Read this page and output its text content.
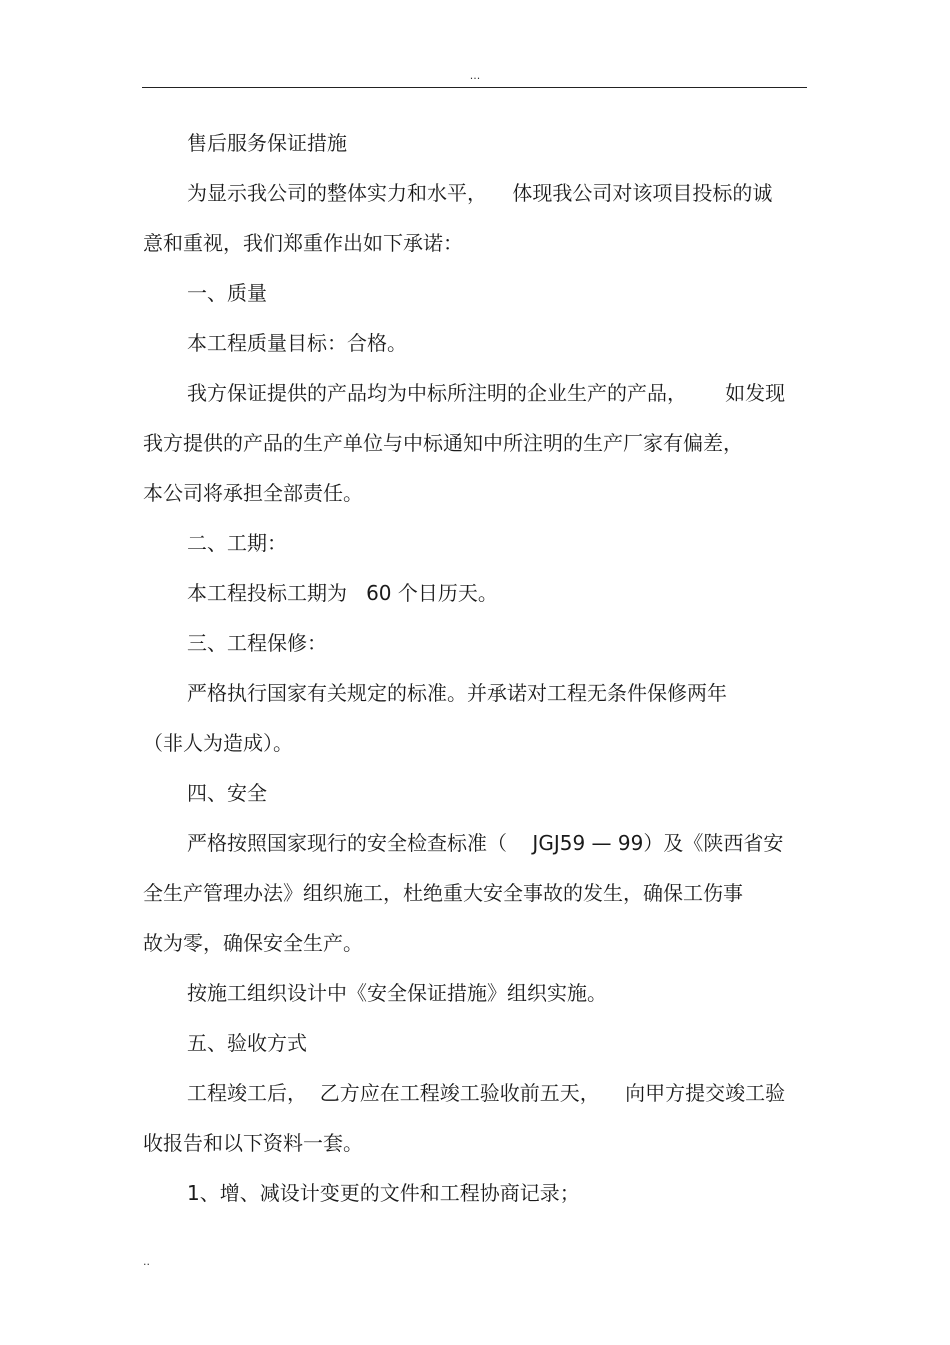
...

售后服务保证措施

为显示我公司的整体实力和水平，    体现我公司对该项目投标的诚

意和重视，我们郑重作出如下承诺：

一、质量

本工程质量目标：合格。

我方保证提供的产品均为中标所注明的企业生产的产品，      如发现

我方提供的产品的生产单位与中标通知中所注明的生产厂家有偏差，

本公司将承担全部责任。

二、工期：

本工程投标工期为   60 个日历天。

三、工程保修：

严格执行国家有关规定的标准。并承诺对工程无条件保修两年

（非人为造成）。

四、安全

严格按照国家现行的安全检查标准（    JGJ59 — 99）及《陕西省安

全生产管理办法》组织施工，杜绝重大安全事故的发生，确保工伤事

故为零，确保安全生产。

按施工组织设计中《安全保证措施》组织实施。

五、验收方式

工程竣工后，  乙方应在工程竣工验收前五天，    向甲方提交竣工验

收报告和以下资料一套。

1、增、减设计变更的文件和工程协商记录；

..
